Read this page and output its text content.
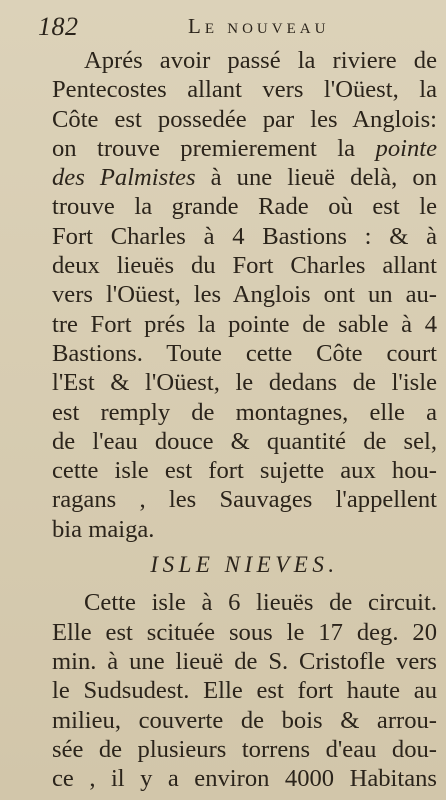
182	Le nouveau
Aprés avoir passé la riviere de
Pentecostes allant vers l'Oüest, la
Côte est possedée par les Anglois:
on trouve premierement la pointe
des Palmistes à une lieuë delà, on
trouve la grande Rade où est le
Fort Charles à 4 Bastions : & à
deux lieuës du Fort Charles allant
vers l'Oüest, les Anglois ont un au-
tre Fort prés la pointe de sable à 4
Bastions. Toute cette Côte court
l'Est & l'Oüest, le dedans de l'isle
est remply de montagnes, elle a
de l'eau douce & quantité de sel,
cette isle est fort sujette aux hou-
ragans , les Sauvages l'appellent
bia maiga.
ISLE NIEVES.
Cette isle à 6 lieuës de circuit.
Elle est scituée sous le 17 deg. 20
min. à une lieuë de S. Cristofle vers
le Sudsudest. Elle est fort haute au
milieu, couverte de bois & arrou-
sée de plusieurs torrens d'eau dou-
ce , il y a environ 4000 Habitans
